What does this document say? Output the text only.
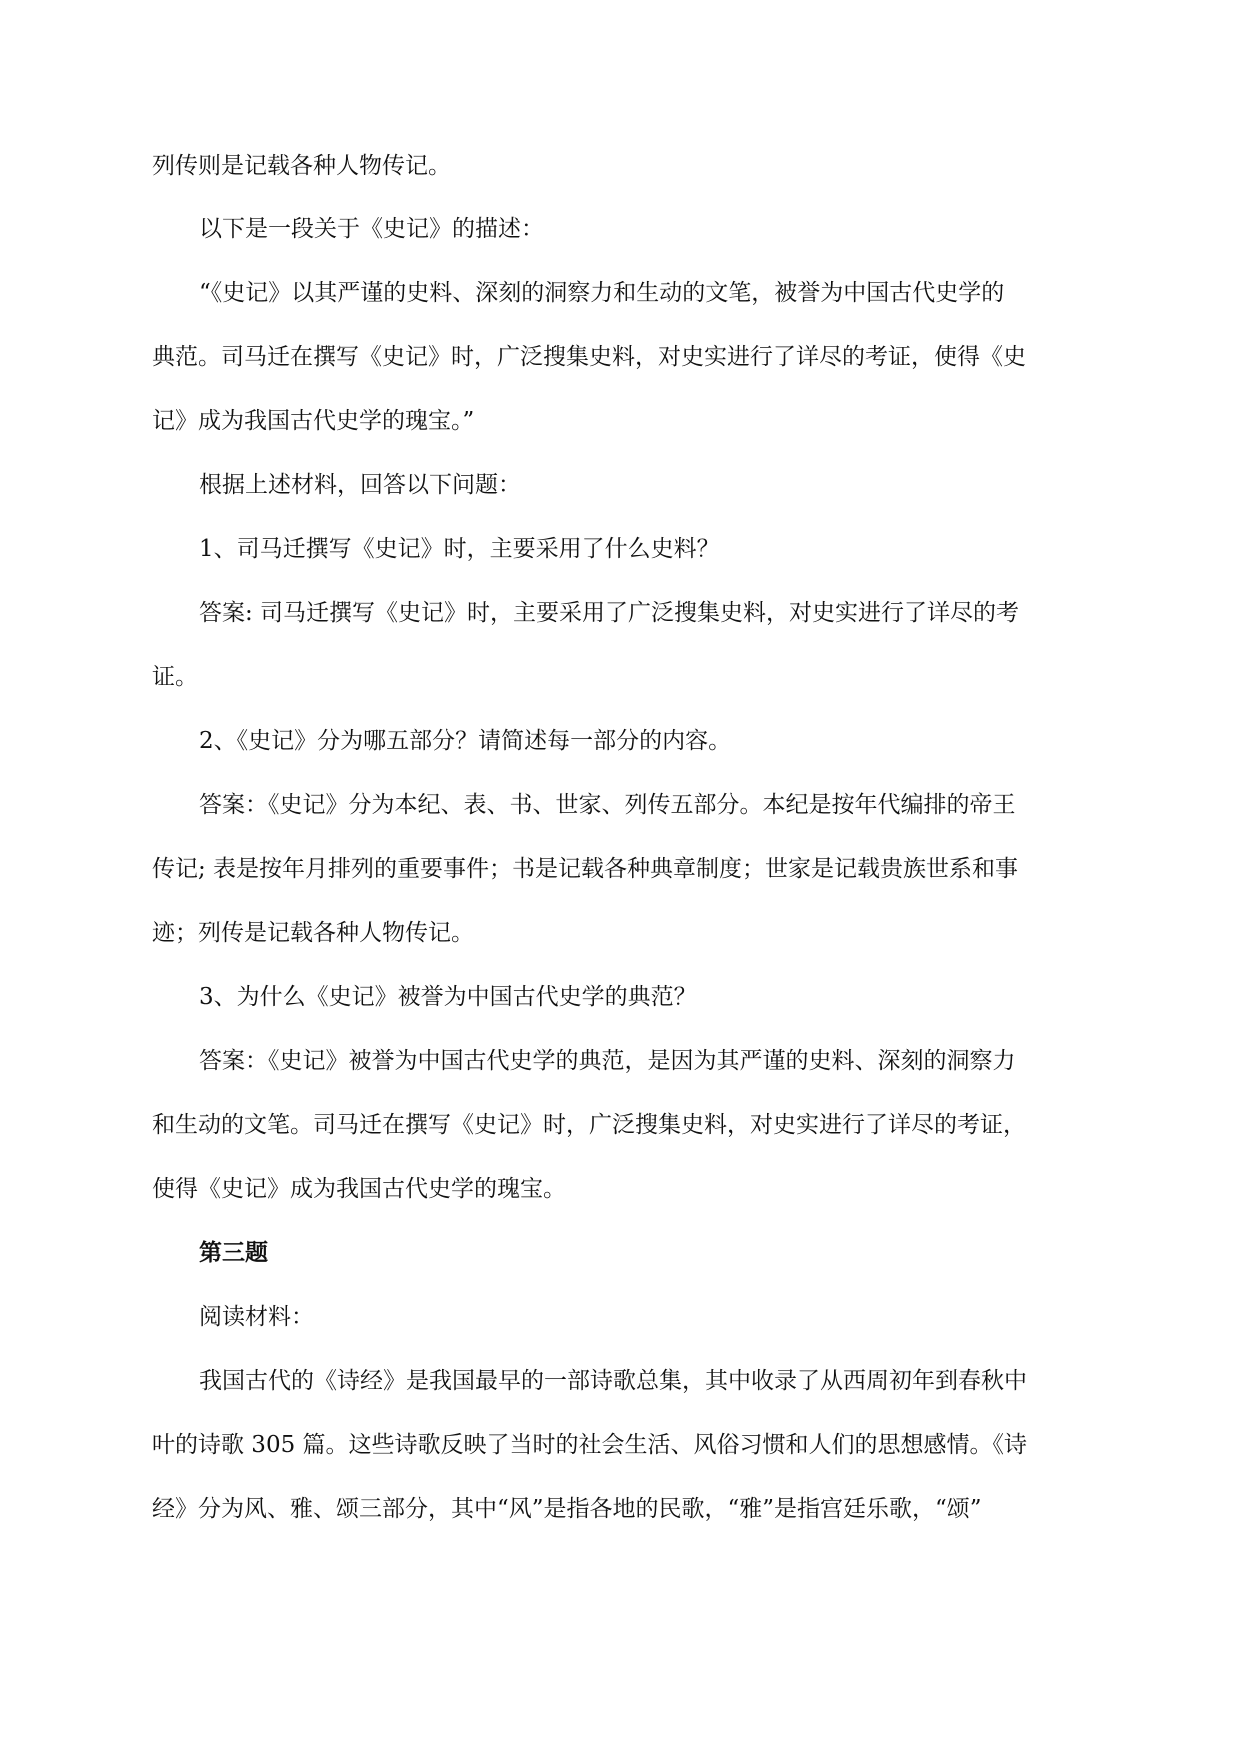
列传则是记载各种人物传记。
以下是一段关于《史记》的描述：
“《史记》以其严谨的史料、深刻的洞察力和生动的文笔，被誉为中国古代史学的
典范。司马迁在撰写《史记》时，广泛搜集史料，对史实进行了详尽的考证，使得《史
记》成为我国古代史学的瑰宝。”
根据上述材料，回答以下问题：
1、司马迁撰写《史记》时，主要采用了什么史料？
答案: 司马迁撰写《史记》时，主要采用了广泛搜集史料，对史实进行了详尽的考
证。
2、《史记》分为哪五部分？请简述每一部分的内容。
答案：《史记》分为本纪、表、书、世家、列传五部分。本纪是按年代编排的帝王
传记; 表是按年月排列的重要事件；书是记载各种典章制度；世家是记载贵族世系和事
迹；列传是记载各种人物传记。
3、为什么《史记》被誉为中国古代史学的典范？
答案：《史记》被誉为中国古代史学的典范，是因为其严谨的史料、深刻的洞察力
和生动的文笔。司马迁在撰写《史记》时，广泛搜集史料，对史实进行了详尽的考证，
使得《史记》成为我国古代史学的瑰宝。
第三题
阅读材料：
我国古代的《诗经》是我国最早的一部诗歌总集，其中收录了从西周初年到春秋中
叶的诗歌 305 篇。这些诗歌反映了当时的社会生活、风俗习惯和人们的思想感情。《诗
经》分为风、雅、颂三部分，其中“风”是指各地的民歌，“雅”是指宫廷乐歌，“颂”
